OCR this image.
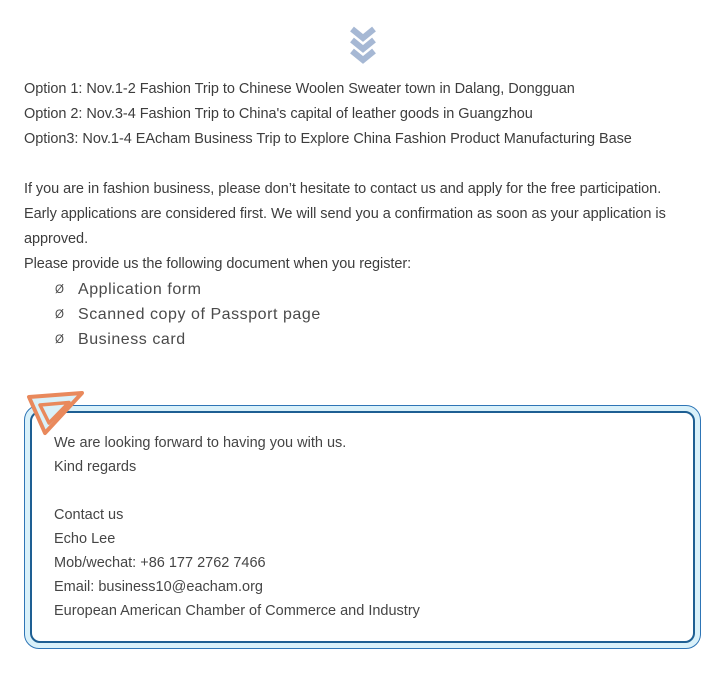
Option 1: Nov.1-2 Fashion Trip to Chinese Woolen Sweater town in Dalang, Dongguan
Option 2: Nov.3-4 Fashion Trip to China's capital of leather goods in Guangzhou
Option3: Nov.1-4 EAcham Business Trip to Explore China Fashion Product Manufacturing Base
If you are in fashion business, please don’t hesitate to contact us and apply for the free participation.
Early applications are considered first. We will send you a confirmation as soon as your application is
approved.
Please provide us the following document when you register:
Ø Application form
Ø Scanned copy of Passport page
Ø Business card
We are looking forward to having you with us.
Kind regards
Contact us
Echo Lee
Mob/wechat: +86 177 2762 7466
Email: business10@eacham.org
European American Chamber of Commerce and Industry
